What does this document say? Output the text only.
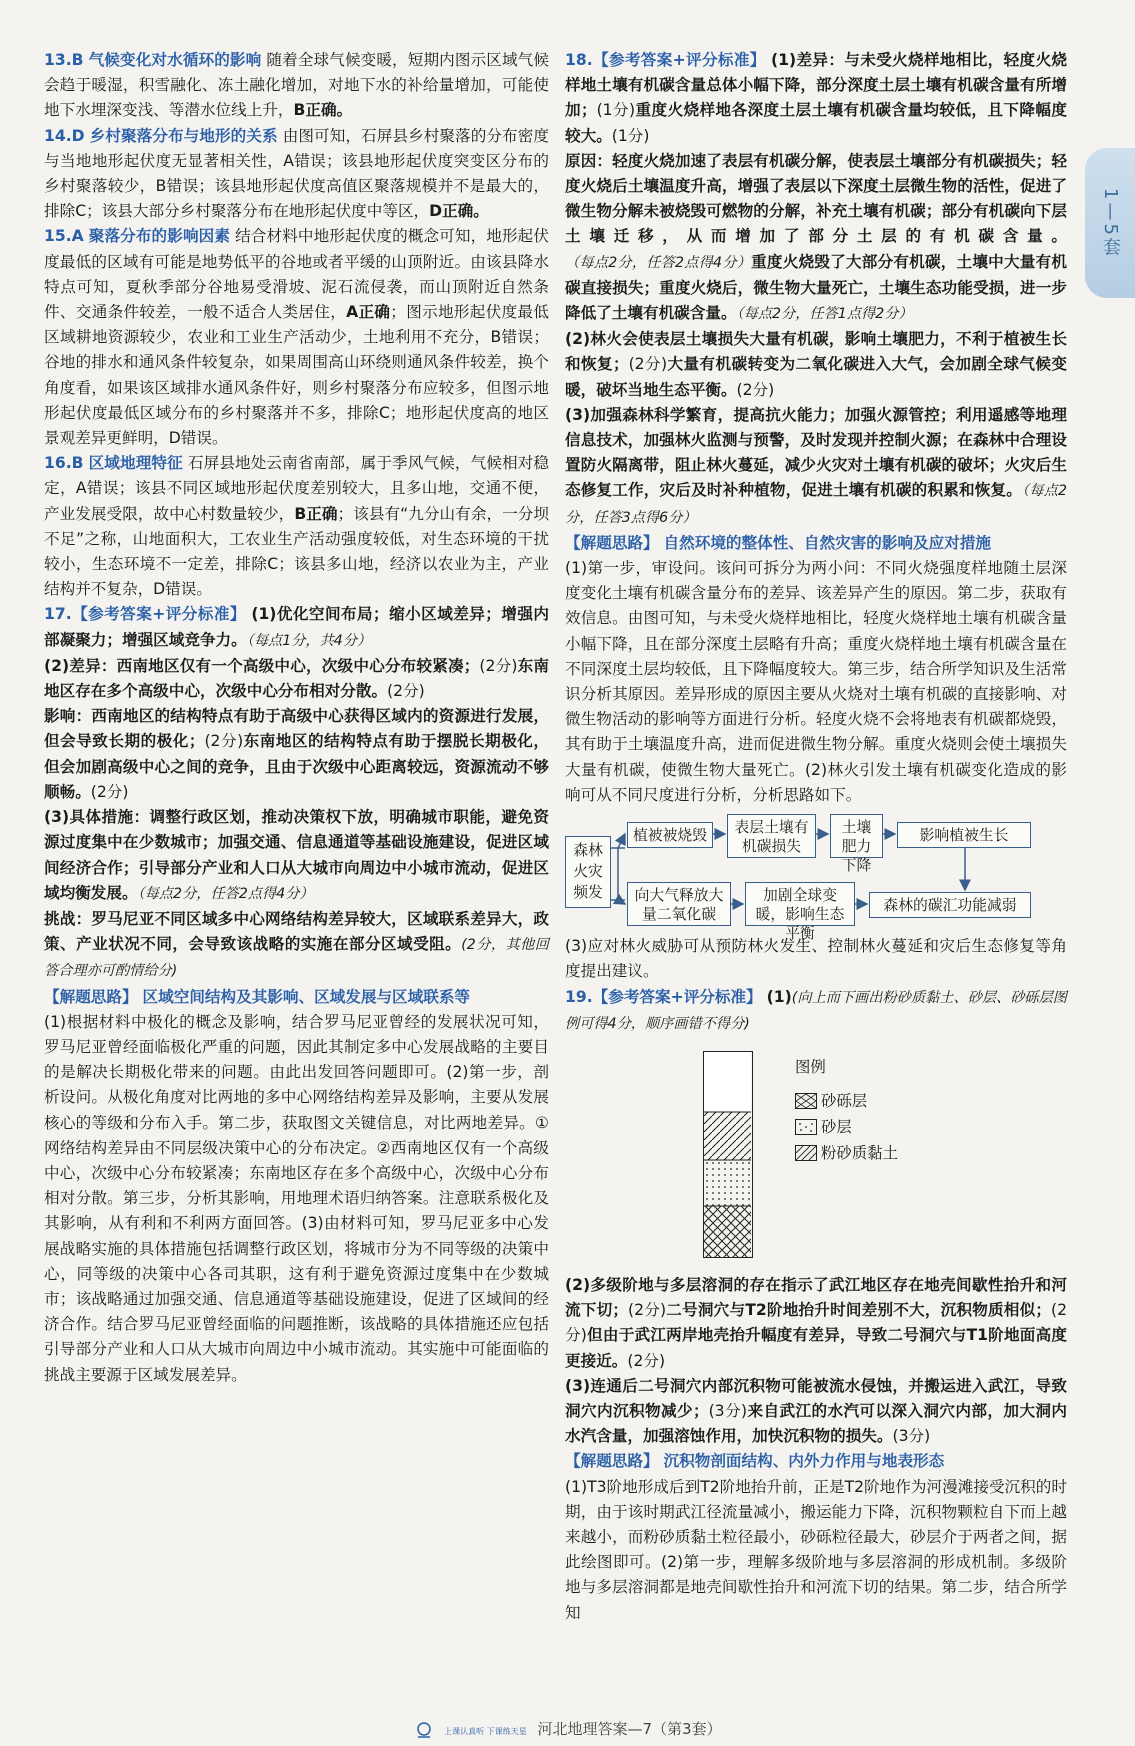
1—5套

13.B 气候变化对水循环的影响 随着全球气候变暖，短期内图示区域气候会趋于暖湿，积雪融化、冻土融化增加，对地下水的补给量增加，可能使地下水埋深变浅、等潜水位线上升，B正确。

14.D 乡村聚落分布与地形的关系 由图可知，石屏县乡村聚落的分布密度与当地地形起伏度无显著相关性，A错误；该县地形起伏度突变区分布的乡村聚落较少，B错误；该县地形起伏度高值区聚落规模并不是最大的，排除C；该县大部分乡村聚落分布在地形起伏度中等区，D正确。

15.A 聚落分布的影响因素 结合材料中地形起伏度的概念可知，地形起伏度最低的区域有可能是地势低平的谷地或者平缓的山顶附近。由该县降水特点可知，夏秋季部分谷地易受滑坡、泥石流侵袭，而山顶附近自然条件、交通条件较差，一般不适合人类居住，A正确；图示地形起伏度最低区域耕地资源较少，农业和工业生产活动少，土地利用不充分，B错误；谷地的排水和通风条件较复杂，如果周围高山环绕则通风条件较差，换个角度看，如果该区域排水通风条件好，则乡村聚落分布应较多，但图示地形起伏度最低区域分布的乡村聚落并不多，排除C；地形起伏度高的地区景观差异更鲜明，D错误。

16.B 区域地理特征 石屏县地处云南省南部，属于季风气候，气候相对稳定，A错误；该县不同区域地形起伏度差别较大，且多山地，交通不便，产业发展受限，故中心村数量较少，B正确；该县有“九分山有余，一分坝不足”之称，山地面积大，工农业生产活动强度较低，对生态环境的干扰较小，生态环境不一定差，排除C；该县多山地，经济以农业为主，产业结构并不复杂，D错误。

17.【参考答案+评分标准】 (1)优化空间布局；缩小区域差异；增强内部凝聚力；增强区域竞争力。（每点1分，共4分）

(2)差异：西南地区仅有一个高级中心，次级中心分布较紧凑；(2分)东南地区存在多个高级中心，次级中心分布相对分散。(2分)

影响：西南地区的结构特点有助于高级中心获得区域内的资源进行发展，但会导致长期的极化；(2分)东南地区的结构特点有助于摆脱长期极化，但会加剧高级中心之间的竞争，且由于次级中心距离较远，资源流动不够顺畅。(2分)

(3)具体措施：调整行政区划，推动决策权下放，明确城市职能，避免资源过度集中在少数城市；加强交通、信息通道等基础设施建设，促进区域间经济合作；引导部分产业和人口从大城市向周边中小城市流动，促进区域均衡发展。（每点2分，任答2点得4分）

挑战：罗马尼亚不同区域多中心网络结构差异较大，区域联系差异大，政策、产业状况不同，会导致该战略的实施在部分区域受阻。(2分，其他回答合理亦可酌情给分)

【解题思路】 区域空间结构及其影响、区域发展与区域联系等

(1)根据材料中极化的概念及影响，结合罗马尼亚曾经的发展状况可知，罗马尼亚曾经面临极化严重的问题，因此其制定多中心发展战略的主要目的是解决长期极化带来的问题。由此出发回答问题即可。(2)第一步，剖析设问。从极化角度对比两地的多中心网络结构差异及影响，主要从发展核心的等级和分布入手。第二步，获取图文关键信息，对比两地差异。①网络结构差异由不同层级决策中心的分布决定。②西南地区仅有一个高级中心，次级中心分布较紧凑；东南地区存在多个高级中心，次级中心分布相对分散。第三步，分析其影响，用地理术语归纳答案。注意联系极化及其影响，从有利和不利两方面回答。(3)由材料可知，罗马尼亚多中心发展战略实施的具体措施包括调整行政区划，将城市分为不同等级的决策中心，同等级的决策中心各司其职，这有利于避免资源过度集中在少数城市；该战略通过加强交通、信息通道等基础设施建设，促进了区域间的经济合作。结合罗马尼亚曾经面临的问题推断，该战略的具体措施还应包括引导部分产业和人口从大城市向周边中小城市流动。其实施中可能面临的挑战主要源于区域发展差异。

18.【参考答案+评分标准】 (1)差异：与未受火烧样地相比，轻度火烧样地土壤有机碳含量总体小幅下降，部分深度土层土壤有机碳含量有所增加；(1分)重度火烧样地各深度土层土壤有机碳含量均较低，且下降幅度较大。(1分)

原因：轻度火烧加速了表层有机碳分解，使表层土壤部分有机碳损失；轻度火烧后土壤温度升高，增强了表层以下深度土层微生物的活性，促进了微生物分解未被烧毁可燃物的分解，补充土壤有机碳；部分有机碳向下层土壤迁移，从而增加了部分土层的有机碳含量。（每点2分，任答2点得4分）重度火烧毁了大部分有机碳，土壤中大量有机碳直接损失；重度火烧后，微生物大量死亡，土壤生态功能受损，进一步降低了土壤有机碳含量。（每点2分，任答1点得2分）

(2)林火会使表层土壤损失大量有机碳，影响土壤肥力，不利于植被生长和恢复；(2分)大量有机碳转变为二氧化碳进入大气，会加剧全球气候变暖，破坏当地生态平衡。(2分)

(3)加强森林科学繁育，提高抗火能力；加强火源管控；利用遥感等地理信息技术，加强林火监测与预警，及时发现并控制火源；在森林中合理设置防火隔离带，阻止林火蔓延，减少火灾对土壤有机碳的破坏；火灾后生态修复工作，灾后及时补种植物，促进土壤有机碳的积累和恢复。（每点2分，任答3点得6分）

【解题思路】 自然环境的整体性、自然灾害的影响及应对措施

(1)第一步，审设问。该问可拆分为两小问：不同火烧强度样地随土层深度变化土壤有机碳含量分布的差异、该差异产生的原因。第二步，获取有效信息。由图可知，与未受火烧样地相比，轻度火烧样地土壤有机碳含量小幅下降，且在部分深度土层略有升高；重度火烧样地土壤有机碳含量在不同深度土层均较低，且下降幅度较大。第三步，结合所学知识及生活常识分析其原因。差异形成的原因主要从火烧对土壤有机碳的直接影响、对微生物活动的影响等方面进行分析。轻度火烧不会将地表有机碳都烧毁，其有助于土壤温度升高，进而促进微生物分解。重度火烧则会使土壤损失大量有机碳，使微生物大量死亡。(2)林火引发土壤有机碳变化造成的影响可从不同尺度进行分析，分析思路如下。

森林火灾频发
植被被烧毁	表层土壤有机碳损失
土壤肥力下降
影响植被生长
向大气释放大量二氧化碳
加剧全球变暖，影响生态平衡
森林的碳汇功能减弱

(3)应对林火威胁可从预防林火发生、控制林火蔓延和灾后生态修复等角度提出建议。

19.【参考答案+评分标准】 (1)(向上而下画出粉砂质黏土、砂层、砂砾层图例可得4分，顺序画错不得分)

图例
砂砾层
砂层
粉砂质黏土

(2)多级阶地与多层溶洞的存在指示了武江地区存在地壳间歇性抬升和河流下切；(2分)二号洞穴与T2阶地抬升时间差别不大，沉积物质相似；(2分)但由于武江两岸地壳抬升幅度有差异，导致二号洞穴与T1阶地面高度更接近。(2分)

(3)连通后二号洞穴内部沉积物可能被流水侵蚀，并搬运进入武江，导致洞穴内沉积物减少；(3分)来自武江的水汽可以深入洞穴内部，加大洞内水汽含量，加强溶蚀作用，加快沉积物的损失。(3分)

【解题思路】 沉积物剖面结构、内外力作用与地表形态

(1)T3阶地形成后到T2阶地抬升前，正是T2阶地作为河漫滩接受沉积的时期，由于该时期武江径流量减小，搬运能力下降，沉积物颗粒自下而上越来越小，而粉砂质黏土粒径最小，砂砾粒径最大，砂层介于两者之间，据此绘图即可。(2)第一步，理解多级阶地与多层溶洞的形成机制。多级阶地与多层溶洞都是地壳间歇性抬升和河流下切的结果。第二步，结合所学知

上课认真听 下课练天星 河北地理答案—7（第3套）
